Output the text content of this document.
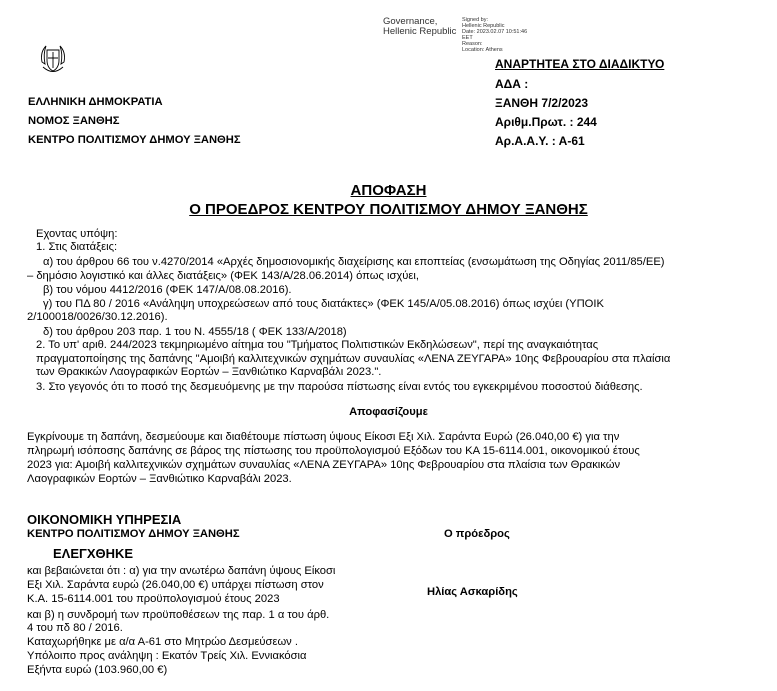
Governance,
Hellenic Republic
Signed by:
Hellenic Republic
Date: 2023.02.07 10:51:46
EET
Reason:
Location: Athens
ΕΛΛΗΝΙΚΗ ΔΗΜΟΚΡΑΤΙΑ
ΝΟΜΟΣ ΞΑΝΘΗΣ
ΚΕΝΤΡΟ ΠΟΛΙΤΙΣΜΟΥ ΔΗΜΟΥ ΞΑΝΘΗΣ
ΑΝΑΡΤΗΤΕΑ ΣΤΟ ΔΙΑΔΙΚΤΥΟ
ΑΔΑ :
ΞΑΝΘΗ 7/2/2023
Αριθμ.Πρωτ. : 244
Αρ.Α.Α.Υ. : Α-61
ΑΠΟΦΑΣΗ
Ο ΠΡΟΕΔΡΟΣ ΚΕΝΤΡΟΥ ΠΟΛΙΤΙΣΜΟΥ ΔΗΜΟΥ ΞΑΝΘΗΣ
Εχοντας υπόψη:
1. Στις διατάξεις:
α) του άρθρου 66 του ν.4270/2014 «Αρχές δημοσιονομικής διαχείρισης και εποπτείας (ενσωμάτωση της Οδηγίας 2011/85/ΕΕ)
– δημόσιο λογιστικό και άλλες διατάξεις» (ΦΕΚ 143/Α/28.06.2014) όπως ισχύει,
β) του νόμου 4412/2016 (ΦΕΚ 147/Α/08.08.2016).
γ) του ΠΔ 80 / 2016 «Ανάληψη υποχρεώσεων από τους διατάκτες» (ΦΕΚ 145/Α/05.08.2016) όπως ισχύει (ΥΠΟΙΚ
2/100018/0026/30.12.2016).
δ) του άρθρου 203 παρ. 1 του Ν. 4555/18 ( ΦΕΚ 133/Α/2018)
2. Το υπ' αριθ. 244/2023 τεκμηριωμένο αίτημα του "Τμήματος Πολιτιστικών Εκδηλώσεων", περί της αναγκαιότητας
πραγματοποίησης της δαπάνης "Αμοιβή καλλιτεχνικών σχημάτων συναυλίας «ΛΕΝΑ ΖΕΥΓΑΡΑ» 10ης Φεβρουαρίου στα πλαίσια
των Θρακικών Λαογραφικών Εορτών – Ξανθιώτικο Καρναβάλι 2023.".
3. Στο γεγονός ότι το ποσό της δεσμευόμενης με την παρούσα πίστωσης είναι εντός του εγκεκριμένου ποσοστού διάθεσης.
Αποφασίζουμε
Εγκρίνουμε τη δαπάνη, δεσμεύουμε και διαθέτουμε πίστωση ύψους Είκοσι Εξι Χιλ. Σαράντα Ευρώ (26.040,00 €) για την
πληρωμή ισόποσης δαπάνης σε βάρος της πίστωσης του προϋπολογισμού Εξόδων του ΚΑ 15-6114.001, οικονομικού έτους
2023 για: Αμοιβή καλλιτεχνικών σχημάτων συναυλίας «ΛΕΝΑ ΖΕΥΓΑΡΑ» 10ης Φεβρουαρίου στα πλαίσια των Θρακικών
Λαογραφικών Εορτών – Ξανθιώτικο Καρναβάλι 2023.
ΟΙΚΟΝΟΜΙΚΗ ΥΠΗΡΕΣΙΑ
ΚΕΝΤΡΟ ΠΟΛΙΤΙΣΜΟΥ ΔΗΜΟΥ ΞΑΝΘΗΣ
ΕΛΕΓΧΘΗΚΕ
και βεβαιώνεται ότι : α) για την ανωτέρω δαπάνη ύψους Είκοσι
Εξι Χιλ. Σαράντα ευρώ (26.040,00 €) υπάρχει πίστωση στον
Κ.Α. 15-6114.001 του προϋπολογισμού έτους 2023
και β) η συνδρομή των προϋποθέσεων της παρ. 1 α του άρθ.
4 του πδ 80 / 2016.
Καταχωρήθηκε με α/α Α-61 στο Μητρώο Δεσμεύσεων .
Υπόλοιπο προς ανάληψη : Εκατόν Τρείς Χιλ. Εννιακόσια
Εξήντα ευρώ (103.960,00 €)
Ο πρόεδρος
Ηλίας Ασκαρίδης
